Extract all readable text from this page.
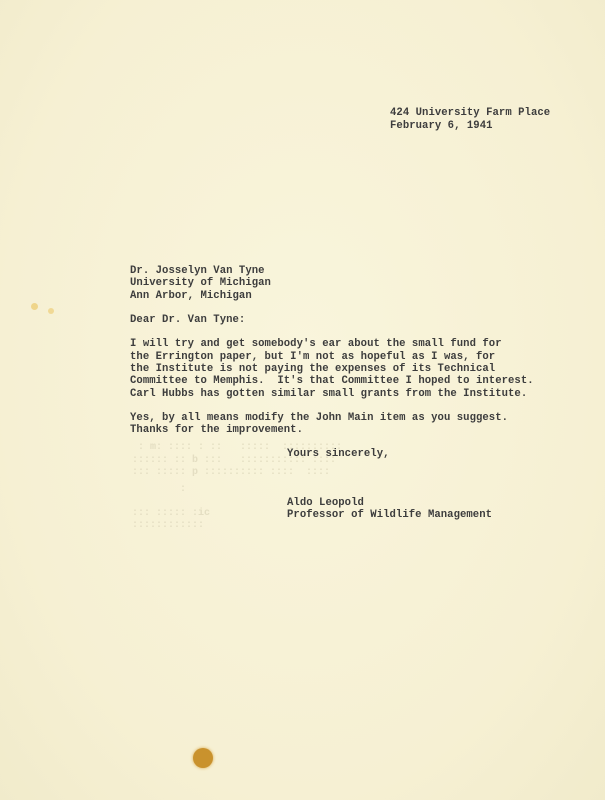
: m: :::: : ::   :::::  ::::::::::
:::::: :: b :::   ::::::::::: ::::
::: ::::: p :::::::::: ::::  ::::
:
::: ::::: :ic
::::::::::::
424 University Farm Place
February 6, 1941
Dr. Josselyn Van Tyne
University of Michigan
Ann Arbor, Michigan
Dear Dr. Van Tyne:
I will try and get somebody's ear about the small fund for
the Errington paper, but I'm not as hopeful as I was, for
the Institute is not paying the expenses of its Technical
Committee to Memphis.  It's that Committee I hoped to interest.
Carl Hubbs has gotten similar small grants from the Institute.
Yes, by all means modify the John Main item as you suggest.
Thanks for the improvement.
Yours sincerely,
Aldo Leopold
Professor of Wildlife Management
